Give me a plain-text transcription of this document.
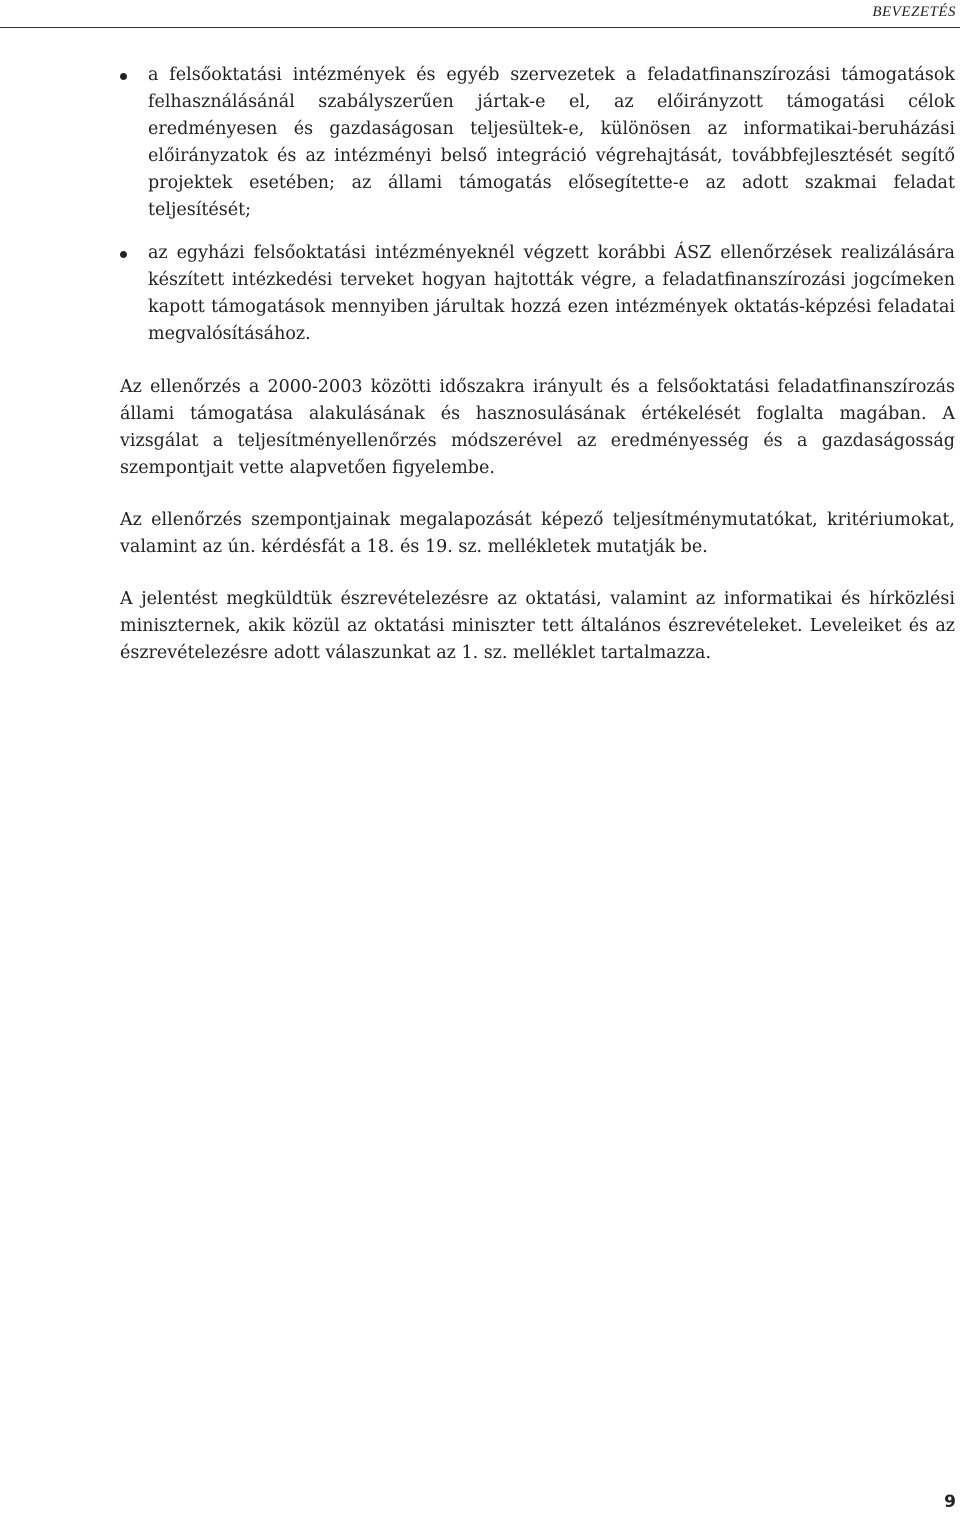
BEVEZETÉS
a felsőoktatási intézmények és egyéb szervezetek a feladatfinanszírozási támogatások felhasználásánál szabályszerűen jártak-e el, az előirányzott támogatási célok eredményesen és gazdaságosan teljesültek-e, különösen az informatikai-beruházási előirányzatok és az intézményi belső integráció végrehajtását, továbbfejlesztését segítő projektek esetében; az állami támogatás elősegítette-e az adott szakmai feladat teljesítését;
az egyházi felsőoktatási intézményeknél végzett korábbi ÁSZ ellenőrzések realizálására készített intézkedési terveket hogyan hajtották végre, a feladatfinanszírozási jogcímeken kapott támogatások mennyiben járultak hozzá ezen intézmények oktatás-képzési feladatai megvalósításához.

Az ellenőrzés a 2000-2003 közötti időszakra irányult és a felsőoktatási feladatfinanszírozás állami támogatása alakulásának és hasznosulásának értékelését foglalta magában. A vizsgálat a teljesítményellenőrzés módszerével az eredményesség és a gazdaságosság szempontjait vette alapvetően figyelembe.

Az ellenőrzés szempontjainak megalapozását képező teljesítménymutatókat, kritériumokat, valamint az ún. kérdésfát a 18. és 19. sz. mellékletek mutatják be.

A jelentést megküldtük észrevételezésre az oktatási, valamint az informatikai és hírközlési miniszternek, akik közül az oktatási miniszter tett általános észrevételeket. Leveleiket és az észrevételezésre adott válaszunkat az 1. sz. melléklet tartalmazza.

9
